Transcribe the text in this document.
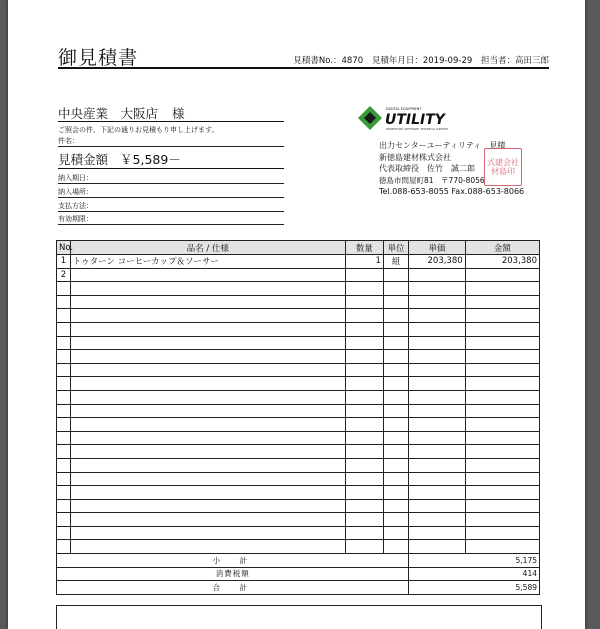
御見積書	見積書No.：4870 見積年月日：2019-09-29 担当者：高田三郎
中央産業　大阪店 様
ご照会の件、下記の通りお見積もり申し上げます。
件名：
見積金額 ￥5,589－
納入期日：
納入場所：
支払方法：
有効期限：
DIGITAL EQUIPMENT
UTILITY
WAREHOUSE, SOFTWARE, TECHNICAL SUPPORT
出力センターユーティリティ　見積
新徳島建材株式会社
代表取締役　佐竹　誠二郎
徳島市問屋町81　〒770-8056
Tel.088-653-8055 Fax.088-653-8066
式建会社材島印
No.	品名 / 仕様	数量	単位	単価	金額
1	トゥターン コーヒーカップ＆ソーサー	1	組	203,380	203,380
2					

小　計				5,175	
消費税額				414	
合　計				5,589	
